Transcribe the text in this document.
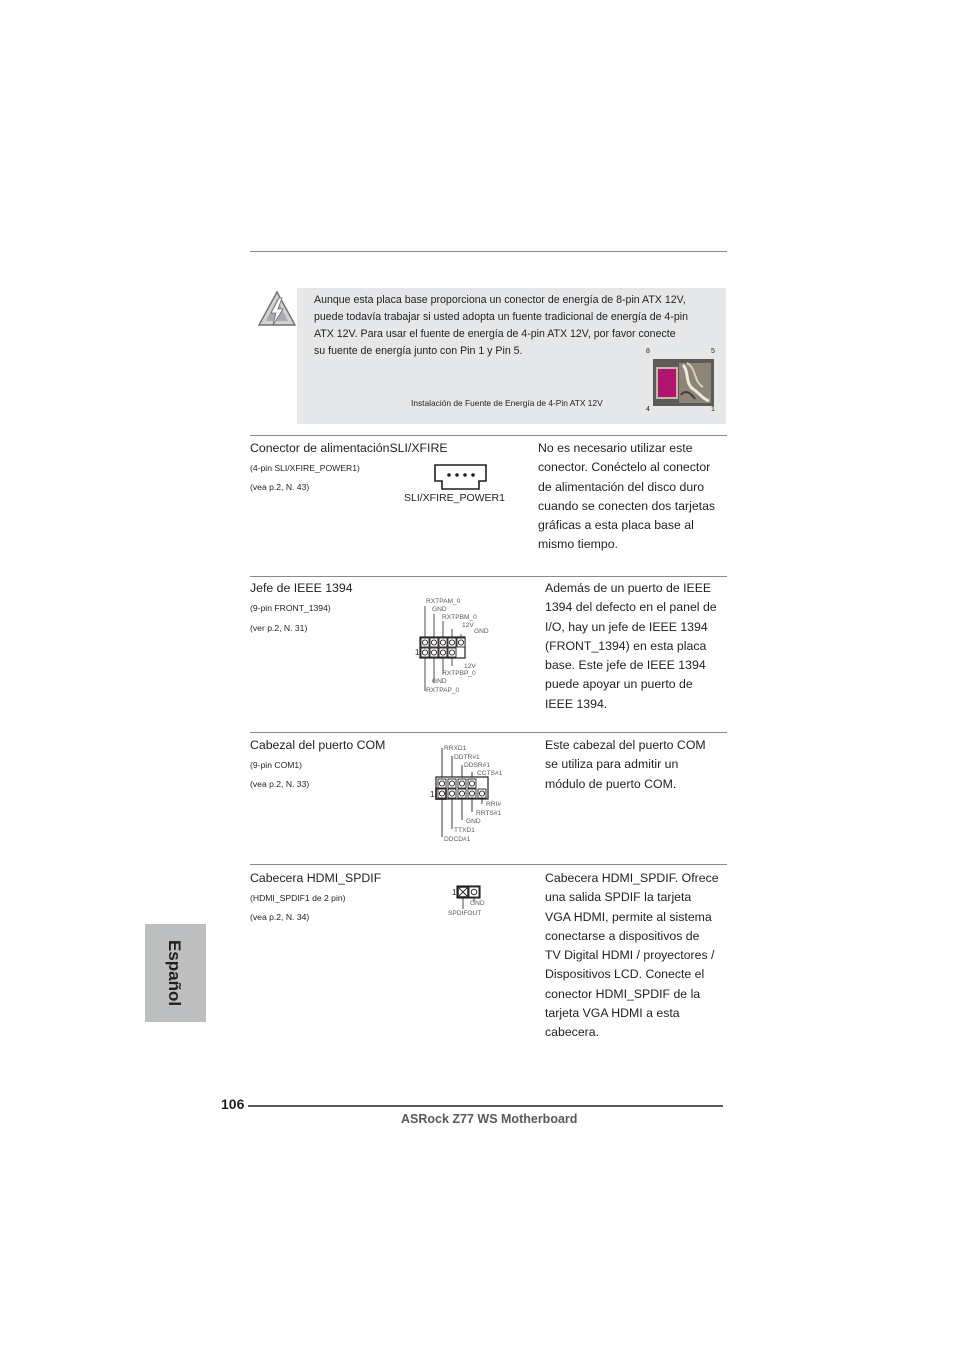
Aunque esta placa base proporciona un conector de energía de 8-pin ATX 12V,
puede todavía trabajar si usted adopta un fuente tradicional de energía de 4-pin
ATX 12V. Para usar el fuente de energía de 4-pin ATX 12V, por favor conecte
su fuente de energía junto con Pin 1 y Pin 5.
Instalación de Fuente de Energía de 4-Pin ATX 12V
8	5
4	1
Conector de alimentaciónSLI/XFIRE
(4-pin SLI/XFIRE_POWER1)
(vea p.2, N. 43)
SLI/XFIRE_POWER1
No es necesario utilizar este
conector. Conéctelo al conector
de alimentación del disco duro
cuando se conecten dos tarjetas
gráficas a esta placa base al
mismo tiempo.
Jefe de IEEE 1394
(9-pin FRONT_1394)
(ver p.2, N. 31)
RXTPAM_0
GND
RXTPBM_0
12V
GND
12V
RXTPBP_0
GND
RXTPAP_0
1
Además de un puerto de IEEE
1394 del defecto en el panel de
I/O, hay un jefe de IEEE 1394
(FRONT_1394) en esta placa
base. Este jefe de IEEE 1394
puede apoyar un puerto de
IEEE 1394.
Cabezal del puerto COM
(9-pin COM1)
(vea p.2, N. 33)
RRXD1
DDTR#1
DDSR#1
CCTS#1
RRI#
RRTS#1
GND
TTXD1
DDCD#1
1
Este cabezal del puerto COM
se utiliza para admitir un
módulo de puerto COM.
Cabecera HDMI_SPDIF
(HDMI_SPDIF1 de 2 pin)
(vea p.2, N. 34)
GND
SPDIFOUT
1
Cabecera HDMI_SPDIF. Ofrece
una salida SPDIF la tarjeta
VGA HDMI, permite al sistema
conectarse a dispositivos de
TV Digital HDMI / proyectores /
Dispositivos LCD. Conecte el
conector HDMI_SPDIF de la
tarjeta VGA HDMI a esta
cabecera.
Español
106
ASRock Z77 WS Motherboard
